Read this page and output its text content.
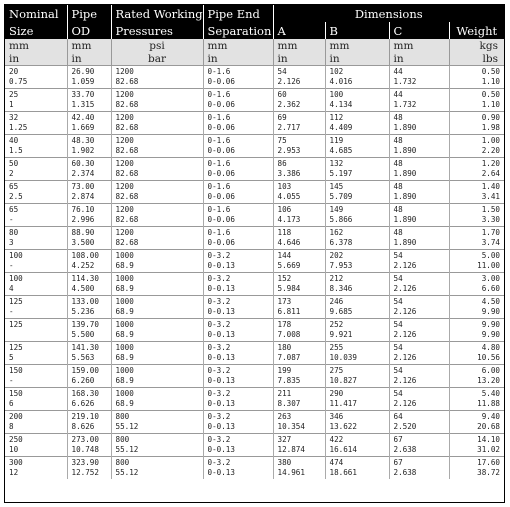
Nominal	Pipe	Rated Working	Pipe End	Dimensions			
Size	OD	Pressures	Separation	A	B	C	Weight
mm	mm	psi	mm	mm	mm	mm	kgs
in	in	bar	in	in	in	in	lbs
20	26.90	1200	0-1.6	54	102	44	0.50
0.75	1.059	82.68	0-0.06	2.126	4.016	1.732	1.10
25	33.70	1200	0-1.6	60	100	44	0.50
1	1.315	82.68	0-0.06	2.362	4.134	1.732	1.10
32	42.40	1200	0-1.6	69	112	48	0.90
1.25	1.669	82.68	0-0.06	2.717	4.409	1.890	1.98
40	48.30	1200	0-1.6	75	119	48	1.00
1.5	1.902	82.68	0-0.06	2.953	4.685	1.890	2.20
50	60.30	1200	0-1.6	86	132	48	1.20
2	2.374	82.68	0-0.06	3.386	5.197	1.890	2.64
65	73.00	1200	0-1.6	103	145	48	1.40
2.5	2.874	82.68	0-0.06	4.055	5.709	1.890	3.41
65	76.10	1200	0-1.6	106	149	48	1.50
-	2.996	82.68	0-0.06	4.173	5.866	1.890	3.30
80	88.90	1200	0-1.6	118	162	48	1.70
3	3.500	82.68	0-0.06	4.646	6.378	1.890	3.74
100	108.00	1000	0-3.2	144	202	54	5.00
-	4.252	68.9	0-0.13	5.669	7.953	2.126	11.00
100	114.30	1000	0-3.2	152	212	54	3.00
4	4.500	68.9	0-0.13	5.984	8.346	2.126	6.60
125	133.00	1000	0-3.2	173	246	54	4.50
-	5.236	68.9	0-0.13	6.811	9.685	2.126	9.90
125	139.70	1000	0-3.2	178	252	54	9.90
	5.500	68.9	0-0.13	7.008	9.921	2.126	9.90
125	141.30	1000	0-3.2	180	255	54	4.80
5	5.563	68.9	0-0.13	7.087	10.039	2.126	10.56
150	159.00	1000	0-3.2	199	275	54	6.00
-	6.260	68.9	0-0.13	7.835	10.827	2.126	13.20
150	168.30	1000	0-3.2	211	290	54	5.40
6	6.626	68.9	0-0.13	8.307	11.417	2.126	11.88
200	219.10	800	0-3.2	263	346	64	9.40
8	8.626	55.12	0-0.13	10.354	13.622	2.520	20.68
250	273.00	800	0-3.2	327	422	67	14.10
10	10.748	55.12	0-0.13	12.874	16.614	2.638	31.02
300	323.90	800	0-3.2	380	474	67	17.60
12	12.752	55.12	0-0.13	14.961	18.661	2.638	38.72
